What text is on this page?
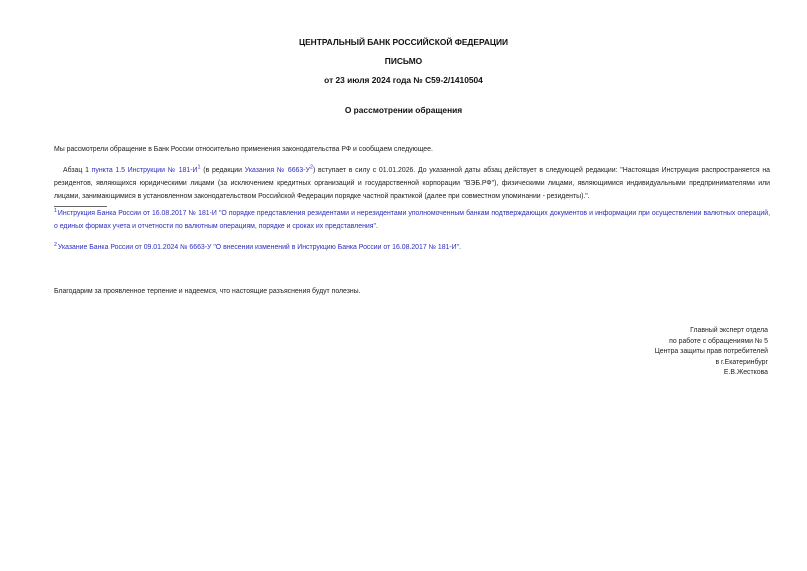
ЦЕНТРАЛЬНЫЙ БАНК РОССИЙСКОЙ ФЕДЕРАЦИИ
ПИСЬМО
от 23 июля 2024 года № С59-2/1410504
О рассмотрении обращения
Мы рассмотрели обращение в Банк России относительно применения законодательства РФ и сообщаем следующее.
Абзац 1 пункта 1.5 Инструкции № 181-И$^1$ (в редакции Указания № 6663-У$^2$) вступает в силу с 01.01.2026. До указанной даты абзац действует в следующей редакции: "Настоящая Инструкция распространяется на резидентов, являющихся юридическими лицами (за исключением кредитных организаций и государственной корпорации "ВЭБ.РФ"), физическими лицами, являющимися индивидуальными предпринимателями или лицами, занимающимися в установленном законодательством Российской Федерации порядке частной практикой (далее при совместном упоминании - резиденты).".
$^1$Инструкция Банка России от 16.08.2017 № 181-И "О порядке представления резидентами и нерезидентами уполномоченным банкам подтверждающих документов и информации при осуществлении валютных операций, о единых формах учета и отчетности по валютным операциям, порядке и сроках их представления".
$^2$Указание Банка России от 09.01.2024 № 6663-У "О внесении изменений в Инструкцию Банка России от 16.08.2017 № 181-И".
Благодарим за проявленное терпение и надеемся, что настоящие разъяснения будут полезны.
Главный эксперт отдела
по работе с обращениями № 5
Центра защиты прав потребителей
в г.Екатеринбург
Е.В.Жесткова
